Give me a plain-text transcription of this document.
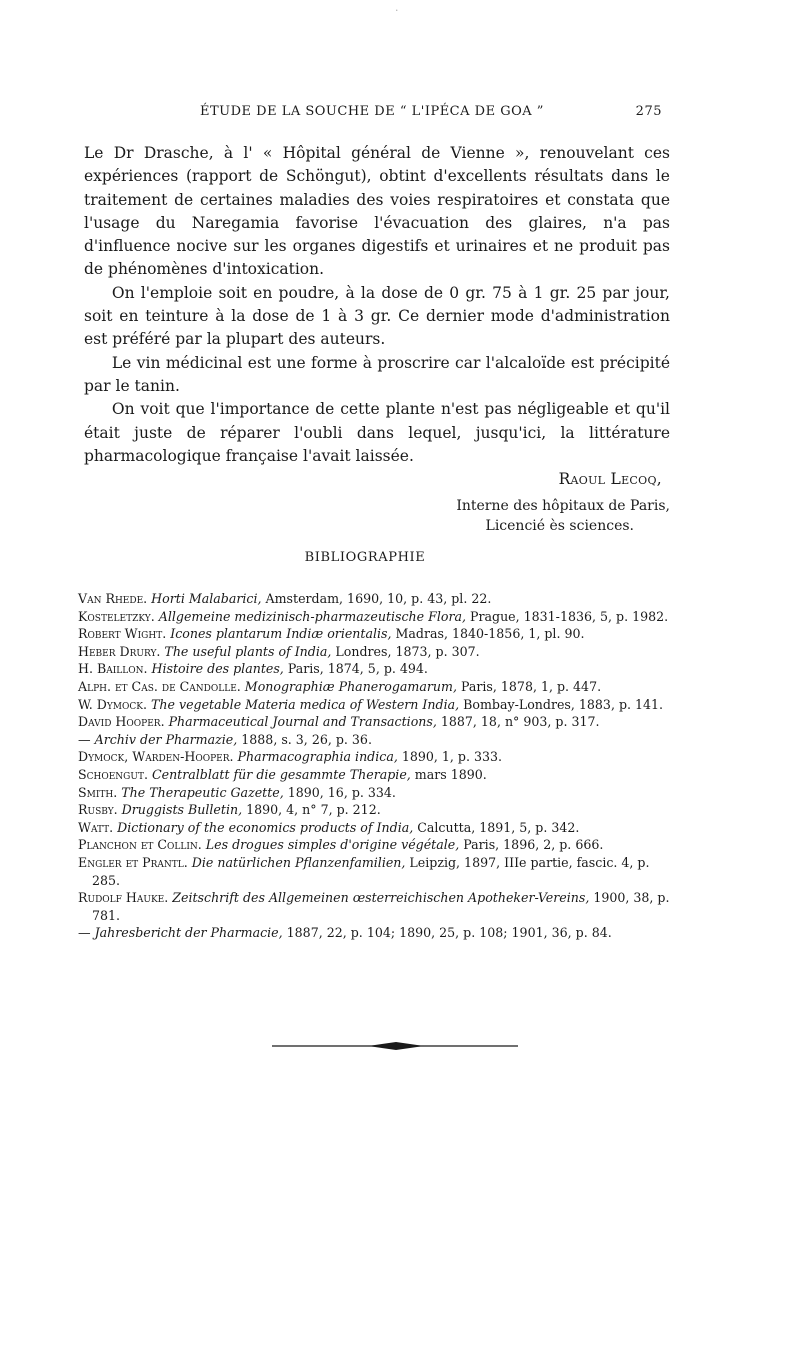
·
ÉTUDE DE LA SOUCHE DE “ L'IPÉCA DE GOA ”	275

Le Dr Drasche, à l' « Hôpital général de Vienne », renouvelant ces expériences (rapport de Schöngut), obtint d'excellents résultats dans le traitement de certaines maladies des voies respiratoires et constata que l'usage du Naregamia favorise l'évacuation des glaires, n'a pas d'influence nocive sur les organes digestifs et urinaires et ne produit pas de phénomènes d'intoxication.

On l'emploie soit en poudre, à la dose de 0 gr. 75 à 1 gr. 25 par jour, soit en teinture à la dose de 1 à 3 gr. Ce dernier mode d'administration est préféré par la plupart des auteurs.

Le vin médicinal est une forme à proscrire car l'alcaloïde est précipité par le tanin.

On voit que l'importance de cette plante n'est pas négligeable et qu'il était juste de réparer l'oubli dans lequel, jusqu'ici, la littérature pharmacologique française l'avait laissée.

Raoul Lecoq,
Interne des hôpitaux de Paris,
Licencié ès sciences.
BIBLIOGRAPHIE

Van Rhede. Horti Malabarici, Amsterdam, 1690, 10, p. 43, pl. 22.

Kosteletzky. Allgemeine medizinisch-pharmazeutische Flora, Prague, 1831-1836, 5, p. 1982.

Robert Wight. Icones plantarum Indiæ orientalis, Madras, 1840-1856, 1, pl. 90.

Heber Drury. The useful plants of India, Londres, 1873, p. 307.

H. Baillon. Histoire des plantes, Paris, 1874, 5, p. 494.

Alph. et Cas. de Candolle. Monographiæ Phanerogamarum, Paris, 1878, 1, p. 447.

W. Dymock. The vegetable Materia medica of Western India, Bombay-Londres, 1883, p. 141.

David Hooper. Pharmaceutical Journal and Transactions, 1887, 18, n° 903, p. 317.

— Archiv der Pharmazie, 1888, s. 3, 26, p. 36.

Dymock, Warden-Hooper. Pharmacographia indica, 1890, 1, p. 333.

Schoengut. Centralblatt für die gesammte Therapie, mars 1890.

Smith. The Therapeutic Gazette, 1890, 16, p. 334.

Rusby. Druggists Bulletin, 1890, 4, n° 7, p. 212.

Watt. Dictionary of the economics products of India, Calcutta, 1891, 5, p. 342.

Planchon et Collin. Les drogues simples d'origine végétale, Paris, 1896, 2, p. 666.

Engler et Prantl. Die natürlichen Pflanzenfamilien, Leipzig, 1897, IIIe partie, fascic. 4, p. 285.

Rudolf Hauke. Zeitschrift des Allgemeinen œsterreichischen Apotheker-Vereins, 1900, 38, p. 781.

— Jahresbericht der Pharmacie, 1887, 22, p. 104; 1890, 25, p. 108; 1901, 36, p. 84.
